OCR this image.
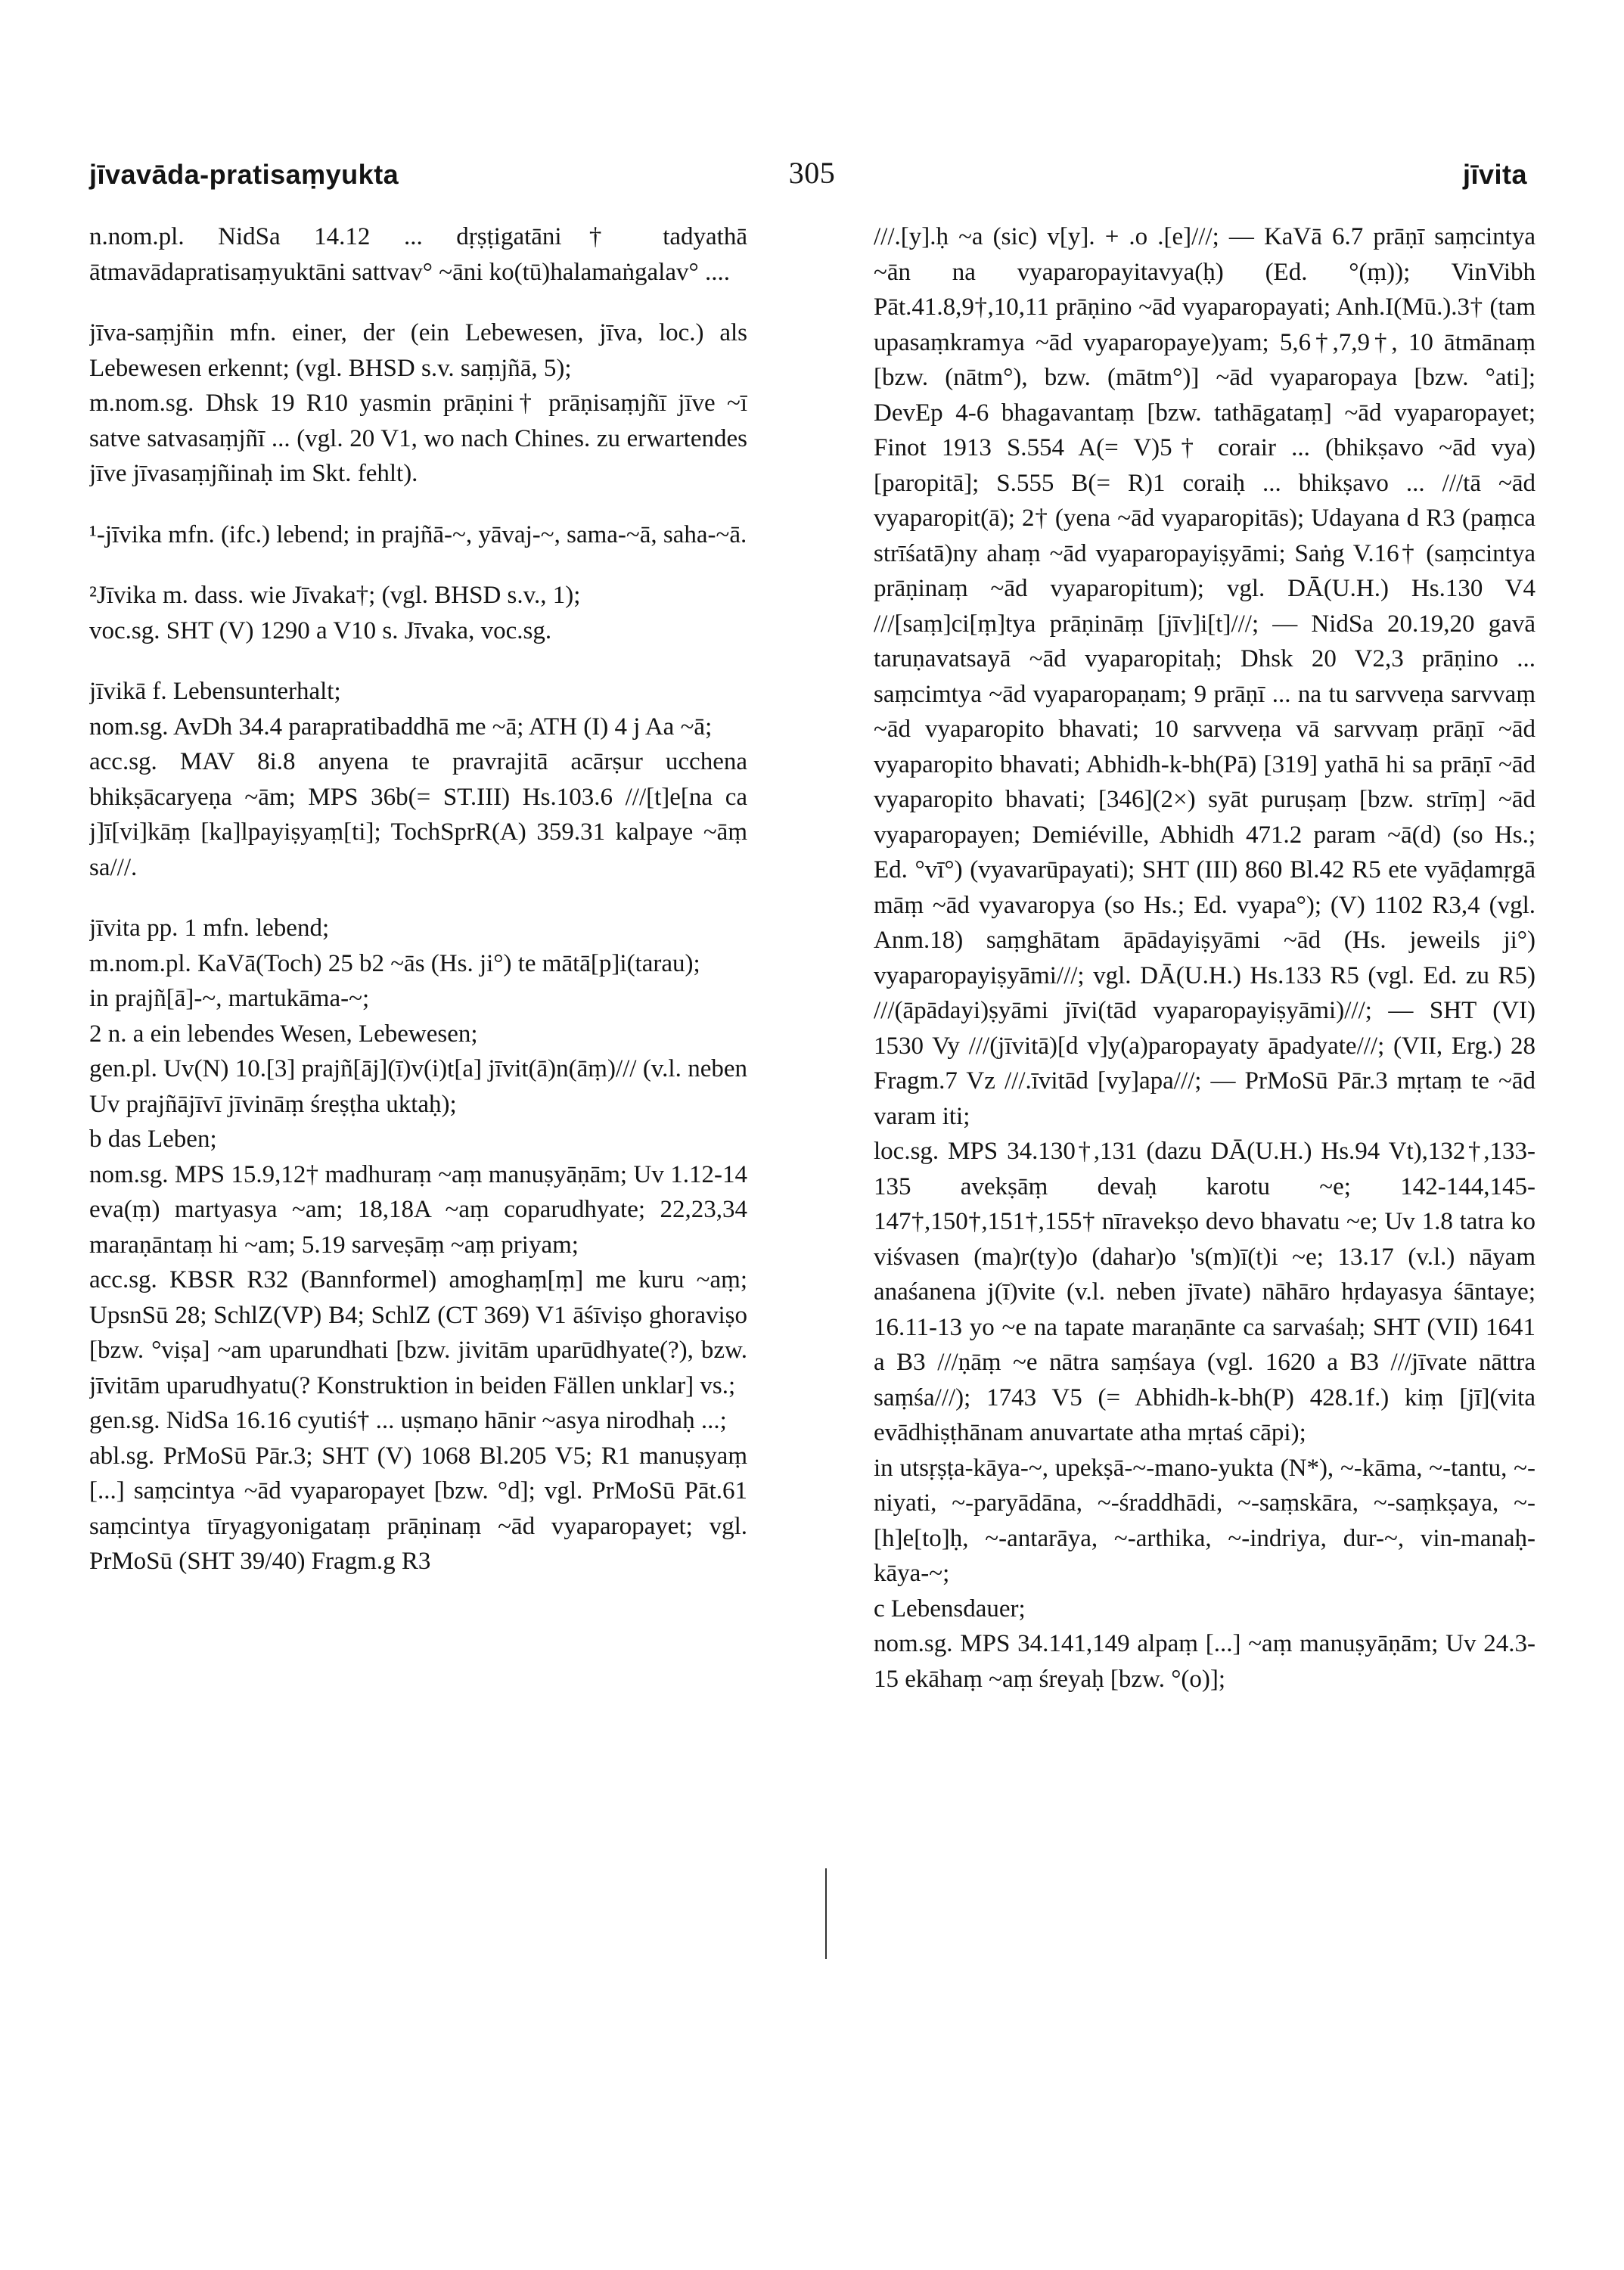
jīvavāda-pratisaṃyukta	305	jīvita

n.nom.pl. NidSa 14.12 ... dṛṣṭigatāni† tadyathā ātmavādapratisaṃyuktāni sattvav° ~āni ko(tū)halamaṅgalav° ....

jīva-saṃjñin mfn. einer, der (ein Lebewesen, jīva, loc.) als Lebewesen erkennt; (vgl. BHSD s.v. saṃjñā, 5);

m.nom.sg. Dhsk 19 R10 yasmin prāṇini† prāṇisaṃjñī jīve ~ī satve satvasaṃjñī ... (vgl. 20 V1, wo nach Chines. zu erwartendes jīve jīvasaṃjñinaḥ im Skt. fehlt).

¹-jīvika mfn. (ifc.) lebend; in prajñā-~, yāvaj-~, sama-~ā, saha-~ā.

²Jīvika m. dass. wie Jīvaka†; (vgl. BHSD s.v., 1);

voc.sg. SHT (V) 1290 a V10 s. Jīvaka, voc.sg.

jīvikā f. Lebensunterhalt;

nom.sg. AvDh 34.4 parapratibaddhā me ~ā; ATH (I) 4 j Aa ~ā;

acc.sg. MAV 8i.8 anyena te pravrajitā acārṣur ucchena bhikṣācaryeṇa ~ām; MPS 36b(= ST.III) Hs.103.6 ///[t]e[na ca j]ī[vi]kāṃ [ka]lpayiṣyaṃ[ti]; TochSprR(A) 359.31 kalpaye ~āṃ sa///.

jīvita pp. 1 mfn. lebend;

m.nom.pl. KaVā(Toch) 25 b2 ~ās (Hs. ji°) te mātā[p]i(tarau);

in prajñ[ā]-~, martukāma-~;

2 n. a ein lebendes Wesen, Lebewesen;

gen.pl. Uv(N) 10.[3] prajñ[āj](ī)v(i)t[a] jīvit(ā)n(āṃ)/// (v.l. neben Uv prajñājīvī jīvināṃ śreṣṭha uktaḥ);

b das Leben;

nom.sg. MPS 15.9,12† madhuraṃ ~aṃ manuṣyāṇām; Uv 1.12-14 eva(ṃ) martyasya ~am; 18,18A ~aṃ coparudhyate; 22,23,34 maraṇāntaṃ hi ~am; 5.19 sarveṣāṃ ~aṃ priyam;

acc.sg. KBSR R32 (Bannformel) amoghaṃ[ṃ] me kuru ~aṃ; UpsnSū 28; SchlZ(VP) B4; SchlZ (CT 369) V1 āśīviṣo ghoraviṣo [bzw. °viṣa] ~am uparundhati [bzw. jivitām uparūdhyate(?), bzw. jīvitām uparudhyatu(? Konstruktion in beiden Fällen unklar] vs.;

gen.sg. NidSa 16.16 cyutiś† ... uṣmaṇo hānir ~asya nirodhaḥ ...;

abl.sg. PrMoSū Pār.3; SHT (V) 1068 Bl.205 V5; R1 manuṣyaṃ [...] saṃcintya ~ād vyaparopayet [bzw. °d]; vgl. PrMoSū Pāt.61 saṃcintya tīryagyonigataṃ prāṇinaṃ ~ād vyaparopayet; vgl. PrMoSū (SHT 39/40) Fragm.g R3

///.[y].ḥ ~a (sic) v[y]. + .o .[e]///; — KaVā 6.7 prāṇī saṃcintya ~ān na vyaparopayitavya(ḥ) (Ed. °(ṃ)); VinVibh Pāt.41.8,9†,10,11 prāṇino ~ād vyaparopayati; Anh.I(Mū.).3† (tam upasaṃkramya ~ād vyaparopaye)yam; 5,6†,7,9†, 10 ātmānaṃ [bzw. (nātm°), bzw. (mātm°)] ~ād vyaparopaya [bzw. °ati]; DevEp 4-6 bhagavantaṃ [bzw. tathāgataṃ] ~ād vyaparopayet; Finot 1913 S.554 A(= V)5† corair ... (bhikṣavo ~ād vya)[paropitā]; S.555 B(= R)1 coraiḥ ... bhikṣavo ... ///tā ~ād vyaparopit(ā); 2† (yena ~ād vyaparopitās); Udayana d R3 (paṃca strīśatā)ny ahaṃ ~ād vyaparopayiṣyāmi; Saṅg V.16† (saṃcintya prāṇinaṃ ~ād vyaparopitum); vgl. DĀ(U.H.) Hs.130 V4 ///[saṃ]ci[ṃ]tya prāṇināṃ [jīv]i[t]///; — NidSa 20.19,20 gavā taruṇavatsayā ~ād vyaparopitaḥ; Dhsk 20 V2,3 prāṇino ... saṃcimtya ~ād vyaparopaṇam; 9 prāṇī ... na tu sarvveṇa sarvvaṃ ~ād vyaparopito bhavati; 10 sarvveṇa vā sarvvaṃ prāṇī ~ād vyaparopito bhavati; Abhidh-k-bh(Pā) [319] yathā hi sa prāṇī ~ād vyaparopito bhavati; [346](2×) syāt puruṣaṃ [bzw. strīṃ] ~ād vyaparopayen; Demiéville, Abhidh 471.2 param ~ā(d) (so Hs.; Ed. °vī°) (vyavarūpayati); SHT (III) 860 Bl.42 R5 ete vyāḍamṛgā māṃ ~ād vyavaropya (so Hs.; Ed. vyapa°); (V) 1102 R3,4 (vgl. Anm.18) saṃghātam āpādayiṣyāmi ~ād (Hs. jeweils ji°) vyaparopayiṣyāmi///; vgl. DĀ(U.H.) Hs.133 R5 (vgl. Ed. zu R5) ///(āpādayi)ṣyāmi jīvi(tād vyaparopayiṣyāmi)///; — SHT (VI) 1530 Vy ///(jīvitā)[d v]y(a)paropayaty āpadyate///; (VII, Erg.) 28 Fragm.7 Vz ///.īvitād [vy]apa///; — PrMoSū Pār.3 mṛtaṃ te ~ād varam iti;

loc.sg. MPS 34.130†,131 (dazu DĀ(U.H.) Hs.94 Vt),132†,133-135 avekṣāṃ devaḥ karotu ~e; 142-144,145-147†,150†,151†,155† nīravekṣo devo bhavatu ~e; Uv 1.8 tatra ko viśvasen (ma)r(ty)o (dahar)o 's(m)ī(t)i ~e; 13.17 (v.l.) nāyam anaśanena j(ī)vite (v.l. neben jīvate) nāhāro hṛdayasya śāntaye; 16.11-13 yo ~e na tapate maraṇānte ca sarvaśaḥ; SHT (VII) 1641 a B3 ///ṇāṃ ~e nātra saṃśaya (vgl. 1620 a B3 ///jīvate nāttra saṃśa///); 1743 V5 (= Abhidh-k-bh(P) 428.1f.) kiṃ [jī](vita evādhiṣṭhānam anuvartate atha mṛtaś cāpi);

in utsṛṣṭa-kāya-~, upekṣā-~-mano-yukta (N*), ~-kāma, ~-tantu, ~-niyati, ~-paryādāna, ~-śraddhādi, ~-saṃskāra, ~-saṃkṣaya, ~-[h]e[to]ḥ, ~-antarāya, ~-arthika, ~-indriya, dur-~, vin-manaḥ-kāya-~;

c Lebensdauer;

nom.sg. MPS 34.141,149 alpaṃ [...] ~aṃ manuṣyāṇām; Uv 24.3-15 ekāhaṃ ~aṃ śreyaḥ [bzw. °(o)];
